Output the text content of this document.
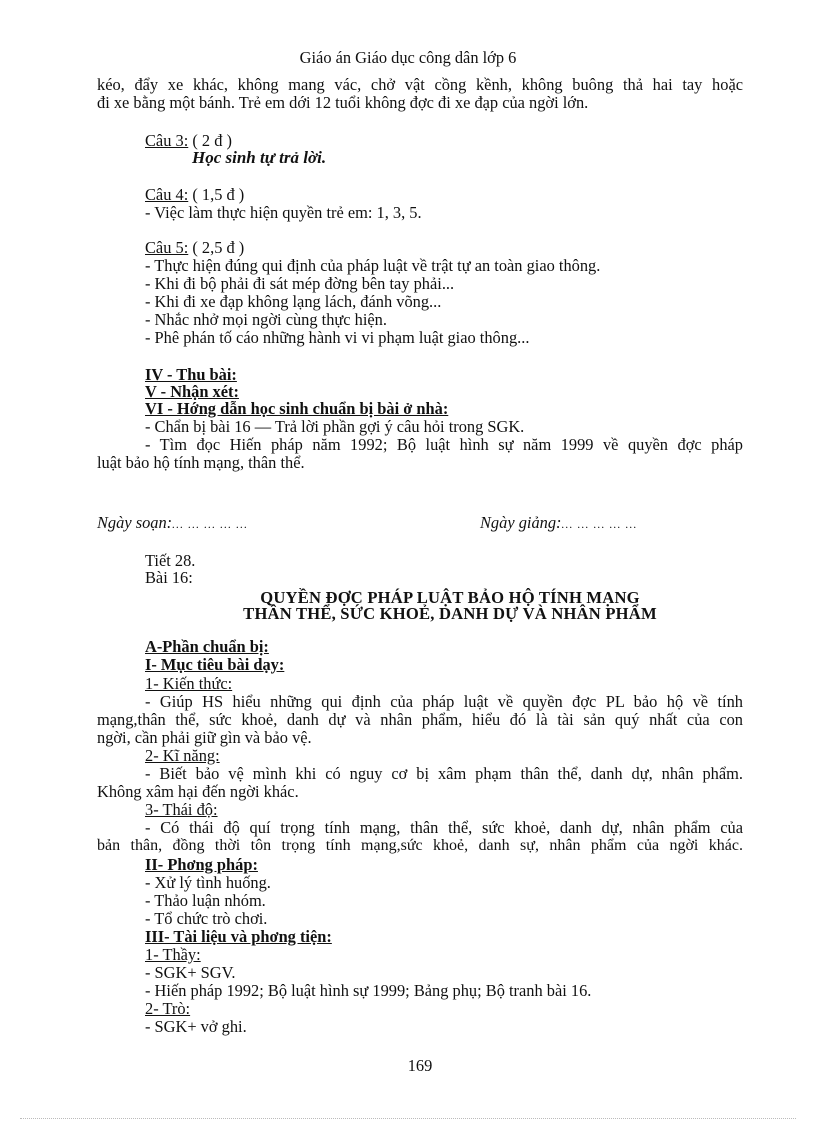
Giáo án Giáo dục công dân lớp 6
kéo, đẩy xe khác, không mang vác, chở vật cồng kềnh, không buông thả hai tay hoặc
đi xe bằng một bánh. Trẻ em dới 12 tuổi không đợc đi xe đạp của ngời lớn.
Câu 3: ( 2 đ )
Học sinh tự trả lời.
Câu 4: ( 1,5 đ )
- Việc làm thực hiện quyền trẻ em: 1, 3, 5.
Câu 5: ( 2,5 đ )
- Thực hiện đúng qui định của pháp luật về trật tự an toàn giao thông.
- Khi đi bộ phải đi sát mép đờng bên tay phải...
- Khi đi xe đạp không lạng lách, đánh võng...
- Nhắc nhở mọi ngời cùng thực hiện.
- Phê phán tố cáo những hành vi vi phạm luật giao thông...
IV - Thu bài:
V - Nhận xét:
VI - Hớng dẫn học sinh chuẩn bị bài ở nhà:
- Chẩn bị bài 16 — Trả lời phần gợi ý câu hỏi trong SGK.
- Tìm đọc Hiến pháp năm 1992; Bộ luật hình sự năm 1999 về quyền đợc pháp
luật bảo hộ tính mạng, thân thể.
Ngày soạn:... ... ... ... ...	Ngày giảng:... ... ... ... ...
Tiết 28.
Bài 16:
QUYỀN ĐỢC PHÁP LUẬT BẢO HỘ TÍNH MẠNG
THÂN THỂ, SỨC KHOẺ, DANH DỰ VÀ NHÂN PHẨM
A-Phần chuẩn bị:
I- Mục tiêu bài dạy:
1- Kiến thức:
- Giúp HS hiểu những qui định của pháp luật về quyền đợc PL bảo hộ về tính
mạng,thân thể, sức khoẻ, danh dự và nhân phẩm, hiểu đó là tài sản quý nhất của con
ngời, cần phải giữ gìn và bảo vệ.
2- Kĩ năng:
- Biết bảo vệ mình khi có nguy cơ bị xâm phạm thân thể, danh dự, nhân phẩm.
Không xâm hại đến ngời khác.
3- Thái độ:
- Có thái độ quí trọng tính mạng, thân thể, sức khoẻ, danh dự, nhân phẩm của
bản thân, đồng thời tôn trọng tính mạng,sức khoẻ, danh sự, nhân phẩm của ngời khác.
II- Phơng pháp:
- Xử lý tình huống.
- Thảo luận nhóm.
- Tổ chức trò chơi.
III- Tài liệu và phơng tiện:
1- Thầy:
- SGK+ SGV.
- Hiến pháp 1992; Bộ luật hình sự 1999; Bảng phụ; Bộ tranh bài 16.
2- Trò:
- SGK+ vở ghi.
169
